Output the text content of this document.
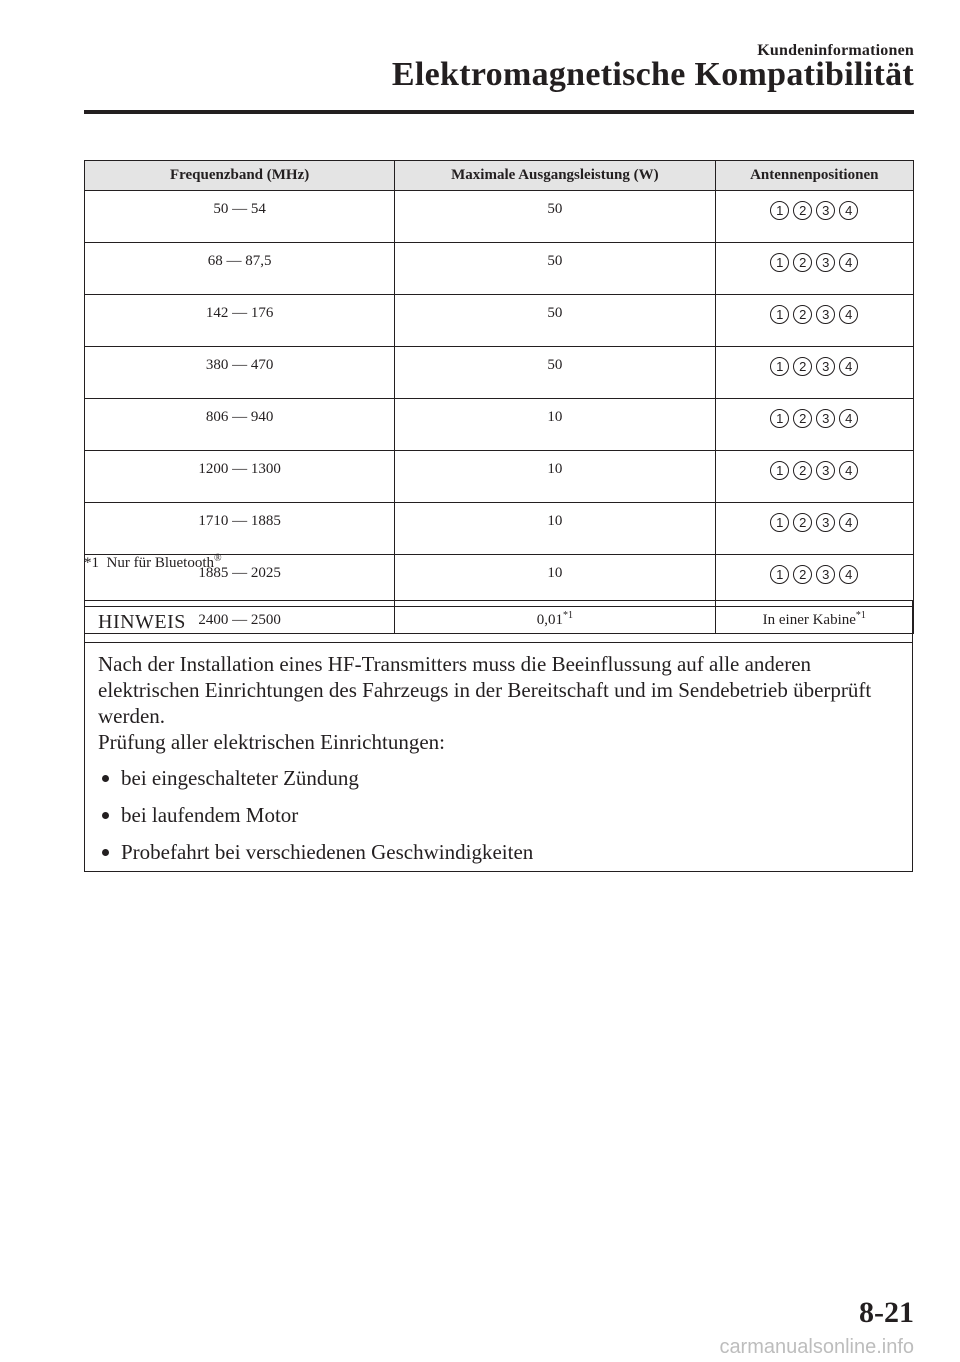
Kundeninformationen
Elektromagnetische Kompatibilität
Frequenzband (MHz)	Maximale Ausgangsleistung (W)	Antennenpositionen
50 ― 54	50	1 2 3 4
68 ― 87,5	50	1 2 3 4
142 ― 176	50	1 2 3 4
380 ― 470	50	1 2 3 4
806 ― 940	10	1 2 3 4
1200 ― 1300	10	1 2 3 4
1710 ― 1885	10	1 2 3 4
1885 ― 2025	10	1 2 3 4
2400 ― 2500	0,01$^{*1}$	In einer Kabine$^{*1}$
*1 Nur für Bluetooth®
HINWEIS

Nach der Installation eines HF-Transmitters muss die Beeinflussung auf alle anderen elektrischen Einrichtungen des Fahrzeugs in der Bereitschaft und im Sendebetrieb überprüft werden.

Prüfung aller elektrischen Einrichtungen:

bei eingeschalteter Zündung
bei laufendem Motor
Probefahrt bei verschiedenen Geschwindigkeiten
8-21
carmanualsonline.info
